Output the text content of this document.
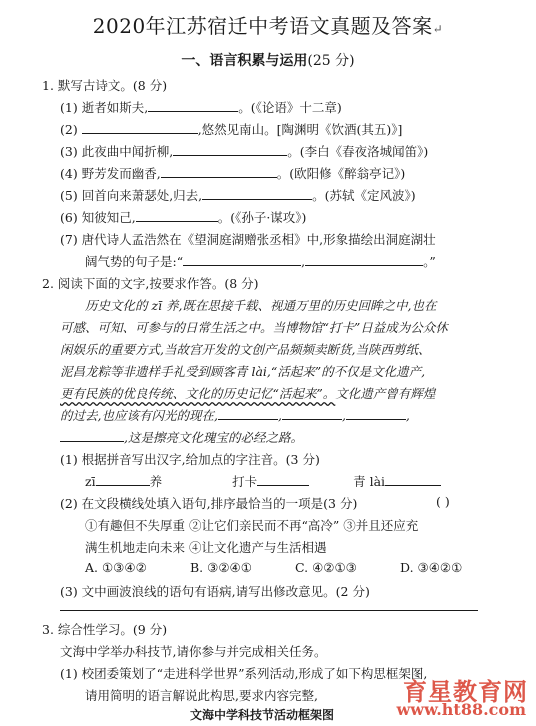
2020年江苏宿迁中考语文真题及答案↵
一、语言积累与运用(25 分)
1. 默写古诗文。(8 分)
(1) 逝者如斯夫,	。(《论语》十二章)
(2)	,悠然见南山。[陶渊明《饮酒(其五)》]
(3) 此夜曲中闻折柳,	。(李白《春夜洛城闻笛》)
(4) 野芳发而幽香,	。(欧阳修《醉翁亭记》)
(5) 回首向来萧瑟处,归去,	。(苏轼《定风波》)
(6) 知彼知己,	。(《孙子·谋攻》)
(7) 唐代诗人孟浩然在《望洞庭湖赠张丞相》中,形象描绘出洞庭湖壮
阔气势的句子是:“	,	。”
2. 阅读下面的文字,按要求作答。(8 分)
历史文化的 zī 养,既在思接千载、视通万里的历史回眸之中,也在
可感、可知、可参与的日常生活之中。当博物馆“打卡”日益成为公众休
闲娱乐的重要方式,当故宫开发的文创产品频频卖断货,当陕西剪纸、
泥昌龙粽等非遗样手礼受到顾客青 lài,“活起来”的不仅是文化遗产,
更有民族的优良传统、文化的历史记忆“活起来”。文化遗产曾有辉煌
的过去,也应该有闪光的现在,	,	,	,
,这是擦亮文化瑰宝的必经之路。
(1) 根据拼音写出汉字,给加点的字注音。(3 分)
zī	养	打卡	青 lài
(2) 在文段横线处填入语句,排序最恰当的一项是(3 分)	( )
①有趣但不失厚重 ②让它们亲民而不再“高冷” ③并且还应充
满生机地走向未来 ④让文化遗产与生活相遇
A. ①③④②	B. ③②④①	C. ④②①③	D. ③④②①
(3) 文中画波浪线的语句有语病,请写出修改意见。(2 分)
3. 综合性学习。(9 分)
文海中学举办科技节,请你参与并完成相关任务。
(1) 校团委策划了“走进科学世界”系列活动,形成了如下构思框架图,
请用简明的语言解说此构思,要求内容完整,
文海中学科技节活动框架图
育星教育网
www.ht88.com
